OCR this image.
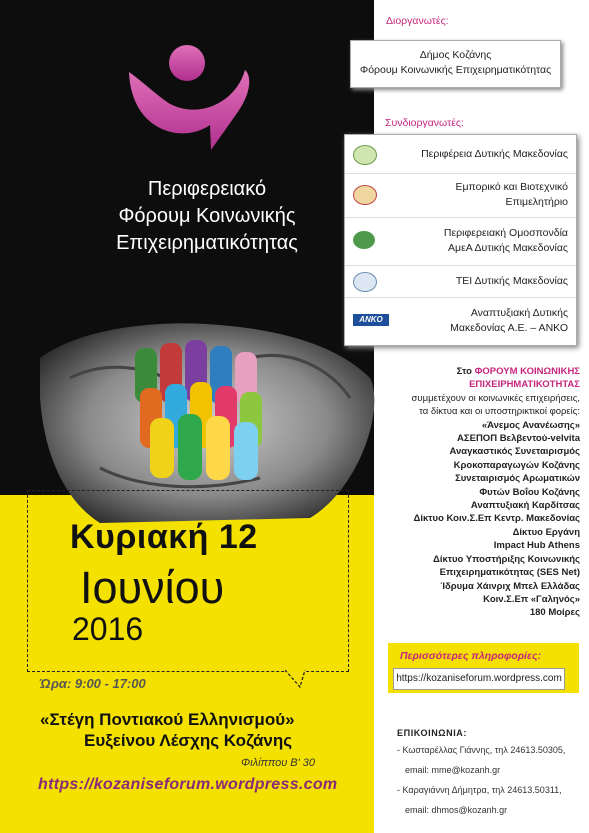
Περιφερειακό
Φόρουμ Κοινωνικής
Επιχειρηματικότητας
Κυριακή 12
Ιουνίου
2016
Ώρα: 9:00 - 17:00
«Στέγη Ποντιακού Ελληνισμού»
Ευξείνου Λέσχης Κοζάνης
Φιλίππου Β' 30
https://kozaniseforum.wordpress.com
Διοργανωτές:
Δήμος Κοζάνης
Φόρουμ Κοινωνικής Επιχειρηματικότητας
Συνδιοργανωτές:
Περιφέρεια Δυτικής Μακεδονίας
Εμπορικό και Βιοτεχνικό
Επιμελητήριο
Περιφερειακή Ομοσπονδία
ΑμεΑ Δυτικής Μακεδονίας
ΤΕΙ Δυτικής Μακεδονίας
ANKO
Αναπτυξιακή Δυτικής
Μακεδονίας Α.Ε. – ΑΝΚΟ
Στο ΦΟΡΟΥΜ ΚΟΙΝΩΝΙΚΗΣ
ΕΠΙΧΕΙΡΗΜΑΤΙΚΟΤΗΤΑΣ
συμμετέχουν οι κοινωνικές επιχειρήσεις,
τα δίκτυα και οι υποστηρικτικοί φορείς:
«Άνεμος Ανανέωσης»
ΑΣΕΠΟΠ Βελβεντού-velvita
Αναγκαστικός Συνεταιρισμός
Κροκοπαραγωγών Κοζάνης
Συνεταιρισμός Αρωματικών
Φυτών Βοΐου Κοζάνης
Αναπτυξιακή Καρδίτσας
Δίκτυο Κοιν.Σ.Επ Κεντρ. Μακεδονίας
Δίκτυο Εργάνη
Impact Hub Athens
Δίκτυο Υποστήριξης Κοινωνικής
Επιχειρηματικότητας (SES Net)
Ίδρυμα Χάινριχ Μπελ Ελλάδας
Κοιν.Σ.Επ «Γαληνός»
180 Μοίρες
Περισσότερες πληροφορίες:
https://kozaniseforum.wordpress.com
ΕΠΙΚΟΙΝΩΝΙΑ:
- Κωσταρέλλας Γιάννης, τηλ 24613.50305,
email: mme@kozanh.gr
- Καραγιάννη Δήμητρα, τηλ 24613.50311,
email: dhmos@kozanh.gr
